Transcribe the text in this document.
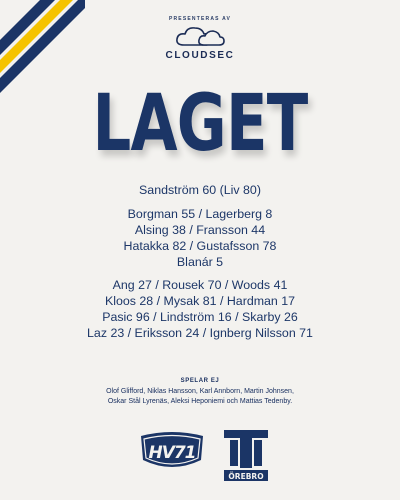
PRESENTERAS AV
CLOUDSEC
LAGET
Sandström 60 (Liv 80)
Borgman 55 / Lagerberg 8
Alsing 38 / Fransson 44
Hatakka 82 / Gustafsson 78
Blanár 5
Ang 27 / Rousek 70 / Woods 41
Kloos 28 / Mysak 81 / Hardman 17
Pasic 96 / Lindström 16 / Skarby 26
Laz 23 / Eriksson 24 / Ignberg Nilsson 71
SPELAR EJ
Olof Glifford, Niklas Hansson, Karl Annborn, Martin Johnsen,
Oskar Stål Lyrenäs, Aleksi Heponiemi och Mattias Tedenby.
HV71
ÖREBRO
